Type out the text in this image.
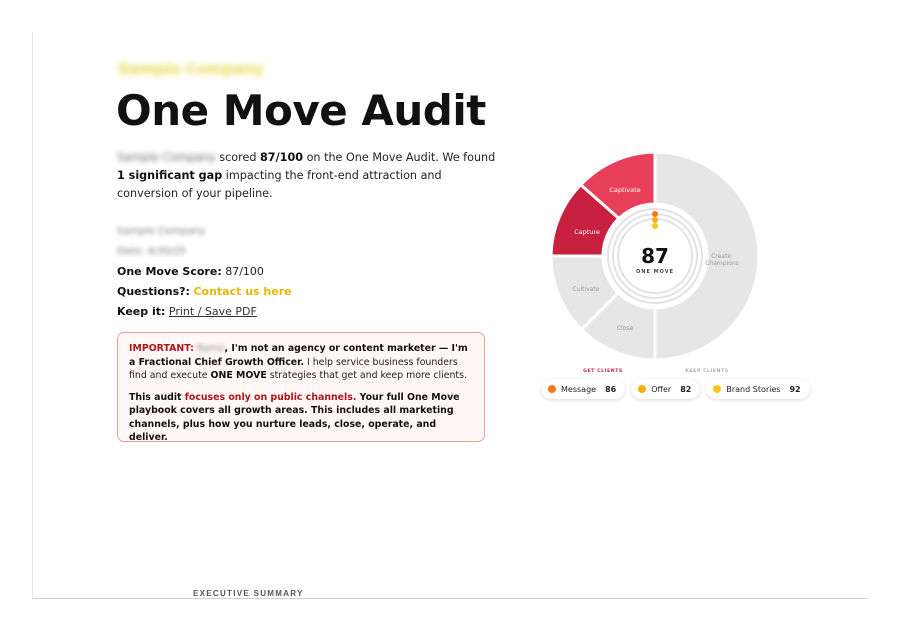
Sample Company
One Move Audit
Sample Company scored 87/100 on the One Move Audit. We found
1 significant gap impacting the front-end attraction and conversion of your pipeline.
Sample Company
Date: 4/30/25
One Move Score: 87/100
Questions?: Contact us here
Keep it: Print / Save PDF

IMPORTANT: Name, I'm not an agency or content marketer — I'm a Fractional Chief Growth Officer. I help service business founders find and execute ONE MOVE strategies that get and keep more clients.

This audit focuses only on public channels. Your full One Move playbook covers all growth areas. This includes all marketing channels, plus how you nurture leads, close, operate, and deliver.

87
ONE MOVE
Captivate
Capture
Cultivate
Close
Create Champions
GET CLIENTS	KEEP CLIENTS
Message 86	Offer 82	Brand Stories 92
EXECUTIVE SUMMARY
